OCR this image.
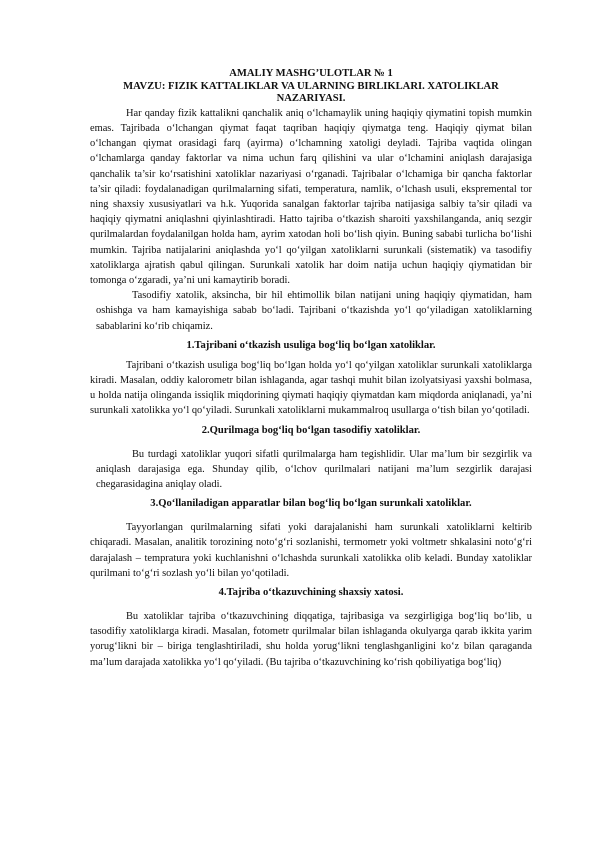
AMALIY MASHG’ULOTLAR № 1
MAVZU: FIZIK KATTALIKLAR VA ULARNING BIRLIKLARI. XATOLIKLAR NAZARIYASI.

Har qanday fizik kattalikni qanchalik aniq o‘lchamaylik uning haqiqiy qiymatini topish mumkin emas. Tajribada o‘lchangan qiymat faqat taqriban haqiqiy qiymatga teng. Haqiqiy qiymat bilan o‘lchangan qiymat orasidagi farq (ayirma) o‘lchamning xatoligi deyladi. Tajriba vaqtida olingan o‘lchamlarga qanday faktorlar va nima uchun farq qilishini va ular o‘lchamini aniqlash darajasiga qanchalik ta’sir ko‘rsatishini xatoliklar nazariyasi o‘rganadi. Tajribalar o‘lchamiga bir qancha faktorlar ta’sir qiladi: foydalanadigan qurilmalarning sifati, temperatura, namlik, o‘lchash usuli, ekspremental tor ning shaxsiy xususiyatlari va h.k. Yuqorida sanalgan faktorlar tajriba natijasiga salbiy ta’sir qiladi va haqiqiy qiymatni aniqlashni qiyinlashtiradi. Hatto tajriba o‘tkazish sharoiti yaxshilanganda, aniq sezgir qurilmalardan foydalanilgan holda ham, ayrim xatodan holi bo‘lish qiyin. Buning sababi turlicha bo‘lishi mumkin. Tajriba natijalarini aniqlashda yo‘l qo‘yilgan xatoliklarni surunkali (sistematik) va tasodifiy xatoliklarga ajratish qabul qilingan. Surunkali xatolik har doim natija uchun haqiqiy qiymatidan bir tomonga o‘zgaradi, ya’ni uni kamaytirib boradi.

Tasodifiy xatolik, aksincha, bir hil ehtimollik bilan natijani uning haqiqiy qiymatidan, ham oshishga va ham kamayishiga sabab bo‘ladi. Tajribani o‘tkazishda yo‘l qo‘yiladigan xatoliklarning sabablarini ko‘rib chiqamiz.

1.Tajribani o‘tkazish usuliga bog‘liq bo‘lgan xatoliklar.

Tajribani o‘tkazish usuliga bog‘liq bo‘lgan holda yo‘l qo‘yilgan xatoliklar surunkali xatoliklarga kiradi. Masalan, oddiy kalorometr bilan ishlaganda, agar tashqi muhit bilan izolyatsiyasi yaxshi bolmasa, u holda natija olinganda issiqlik miqdorining qiymati haqiqiy qiymatdan kam miqdorda aniqlanadi, ya’ni surunkali xatolikka yo‘l qo‘yiladi. Surunkali xatoliklarni mukammalroq usullarga o‘tish bilan yo‘qotiladi.

2.Qurilmaga bog‘liq bo‘lgan tasodifiy xatoliklar.

Bu turdagi xatoliklar yuqori sifatli qurilmalarga ham tegishlidir. Ular ma’lum bir sezgirlik va aniqlash darajasiga ega. Shunday qilib, o‘lchov qurilmalari natijani ma’lum sezgirlik darajasi chegarasidagina aniqlay oladi.

3.Qo‘llaniladigan apparatlar bilan bog‘liq bo‘lgan surunkali xatoliklar.

Tayyorlangan qurilmalarning sifati yoki darajalanishi ham surunkali xatoliklarni keltirib chiqaradi. Masalan, analitik torozining noto‘g‘ri sozlanishi, termometr yoki voltmetr shkalasini noto‘g‘ri darajalash – tempratura yoki kuchlanishni o‘lchashda surunkali xatolikka olib keladi. Bunday xatoliklar qurilmani to‘g‘ri sozlash yo‘li bilan yo‘qotiladi.

4.Tajriba o‘tkazuvchining shaxsiy xatosi.

Bu xatoliklar tajriba o‘tkazuvchining diqqatiga, tajribasiga va sezgirligiga bog‘liq bo‘lib, u tasodifiy xatoliklarga kiradi. Masalan, fotometr qurilmalar bilan ishlaganda okulyarga qarab ikkita yarim yorug‘likni bir – biriga tenglashtiriladi, shu holda yorug‘likni tenglashganligini ko‘z bilan qaraganda ma’lum darajada xatolikka yo‘l qo‘yiladi. (Bu tajriba o‘tkazuvchining ko‘rish qobiliyatiga bog‘liq)
